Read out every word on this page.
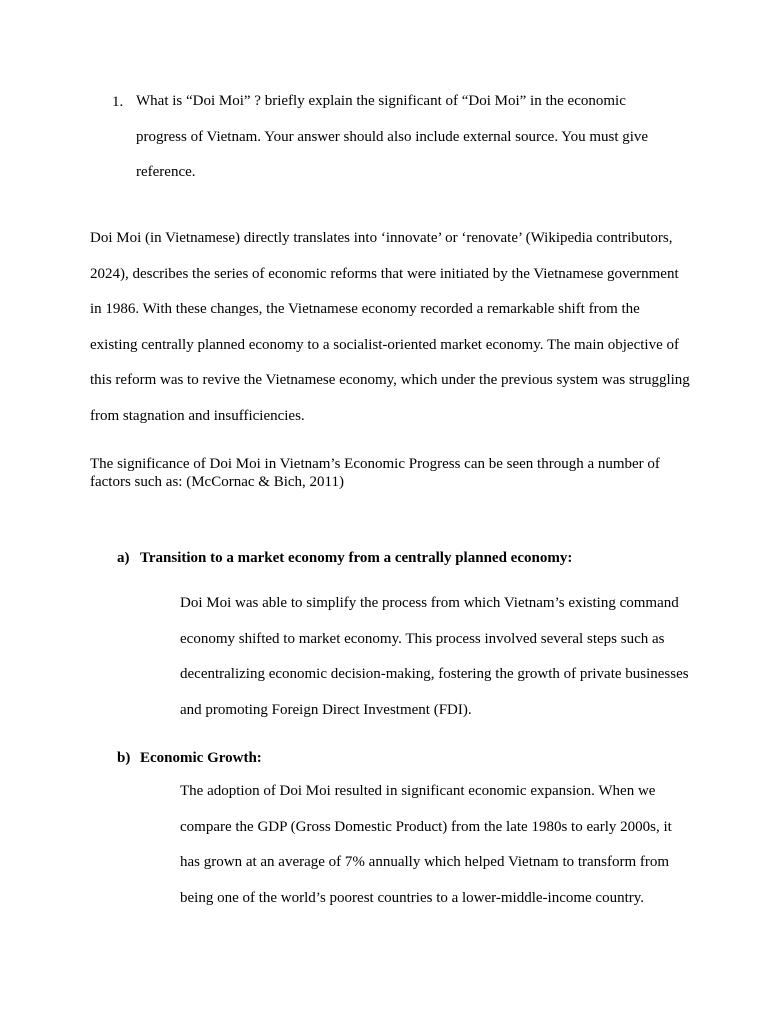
1. What is “Doi Moi” ? briefly explain the significant of “Doi Moi” in the economic progress of Vietnam. Your answer should also include external source. You must give reference.

Doi Moi (in Vietnamese) directly translates into ‘innovate’ or ‘renovate’ (Wikipedia contributors, 2024), describes the series of economic reforms that were initiated by the Vietnamese government in 1986. With these changes, the Vietnamese economy recorded a remarkable shift from the existing centrally planned economy to a socialist-oriented market economy. The main objective of this reform was to revive the Vietnamese economy, which under the previous system was struggling from stagnation and insufficiencies.

The significance of Doi Moi in Vietnam’s Economic Progress can be seen through a number of factors such as: (McCornac & Bich, 2011)

a) Transition to a market economy from a centrally planned economy:

Doi Moi was able to simplify the process from which Vietnam’s existing command economy shifted to market economy. This process involved several steps such as decentralizing economic decision-making, fostering the growth of private businesses and promoting Foreign Direct Investment (FDI).

b) Economic Growth:

The adoption of Doi Moi resulted in significant economic expansion. When we compare the GDP (Gross Domestic Product) from the late 1980s to early 2000s, it has grown at an average of 7% annually which helped Vietnam to transform from being one of the world’s poorest countries to a lower-middle-income country.
